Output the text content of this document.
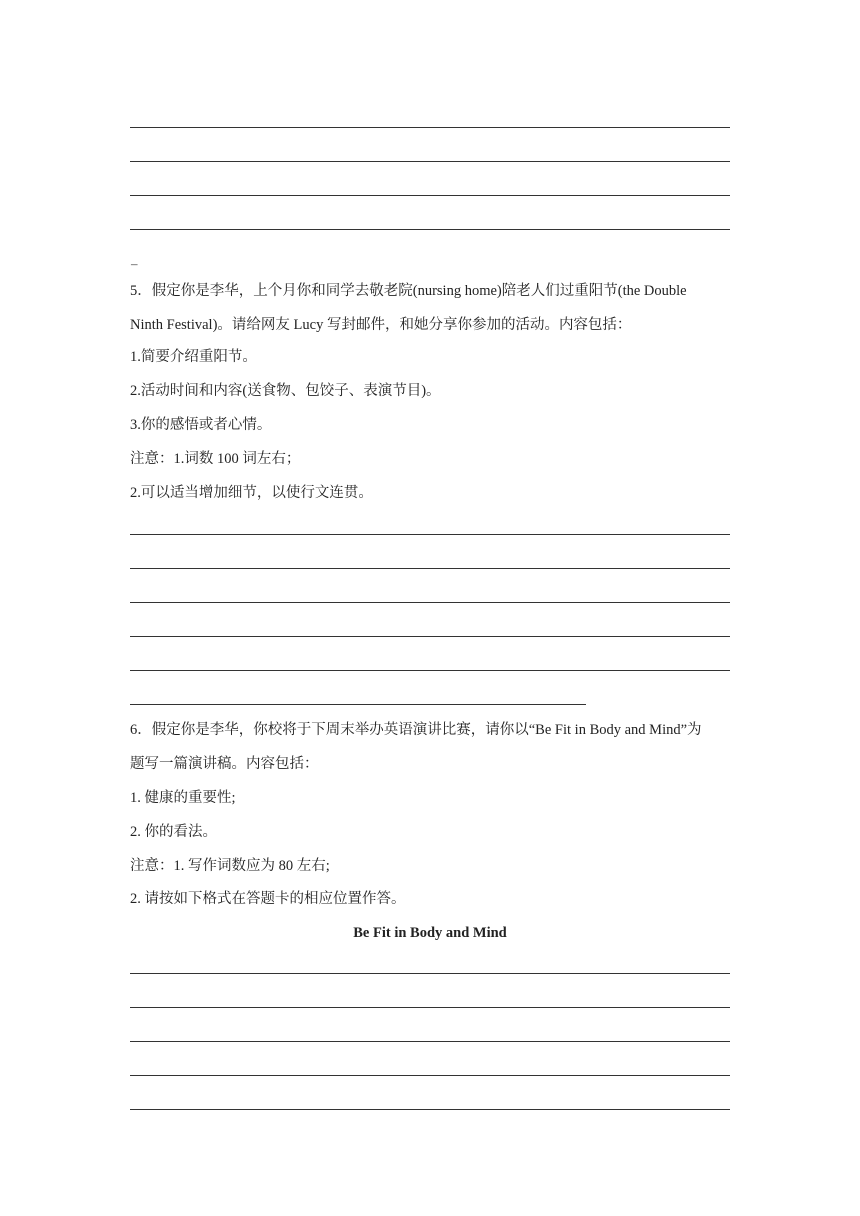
–
5．假定你是李华，上个月你和同学去敬老院(nursing home)陪老人们过重阳节(the Double
Ninth Festival)。请给网友 Lucy 写封邮件，和她分享你参加的活动。内容包括：
1.简要介绍重阳节。
2.活动时间和内容(送食物、包饺子、表演节目)。
3.你的感悟或者心情。
注意：1.词数 100 词左右；
2.可以适当增加细节，以使行文连贯。
6．假定你是李华，你校将于下周末举办英语演讲比赛，请你以“Be Fit in Body and Mind”为
题写一篇演讲稿。内容包括：
1. 健康的重要性;
2. 你的看法。
注意：1. 写作词数应为 80 左右;
2. 请按如下格式在答题卡的相应位置作答。
Be Fit in Body and Mind
